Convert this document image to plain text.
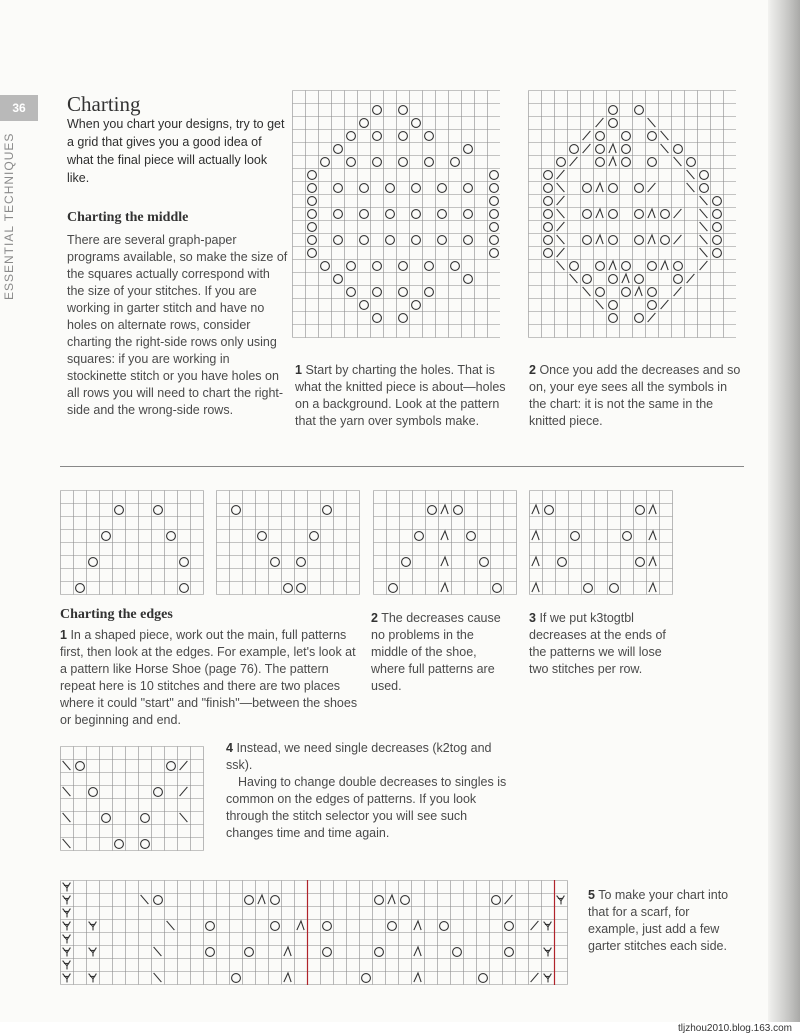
36
ESSENTIAL TECHNIQUES
Charting
When you chart your designs, try to get a grid that gives you a good idea of what the final piece will actually look like.
Charting the middle
There are several graph-paper programs available, so make the size of the squares actually correspond with the size of your stitches. If you are working in garter stitch and have no holes on alternate rows, consider charting the right-side rows only using squares: if you are working in stockinette stitch or you have holes on all rows you will need to chart the right-side and the wrong-side rows.
1 Start by charting the holes. That is what the knitted piece is about—holes on a background. Look at the pattern that the yarn over symbols make.
2 Once you add the decreases and so on, your eye sees all the symbols in the chart: it is not the same in the knitted piece.
Charting the edges
1 In a shaped piece, work out the main, full patterns first, then look at the edges. For example, let's look at a pattern like Horse Shoe (page 76). The pattern repeat here is 10 stitches and there are two places where it could "start" and "finish"—between the shoes or beginning and end.
2 The decreases cause no problems in the middle of the shoe, where full patterns are used.
3 If we put k3togtbl decreases at the ends of the patterns we will lose two stitches per row.
4 Instead, we need single decreases (k2tog and ssk).
Having to change double decreases to singles is common on the edges of patterns. If you look through the stitch selector you will see such changes time and time again.
5 To make your chart into that for a scarf, for example, just add a few garter stitches each side.
tljzhou2010.blog.163.com
